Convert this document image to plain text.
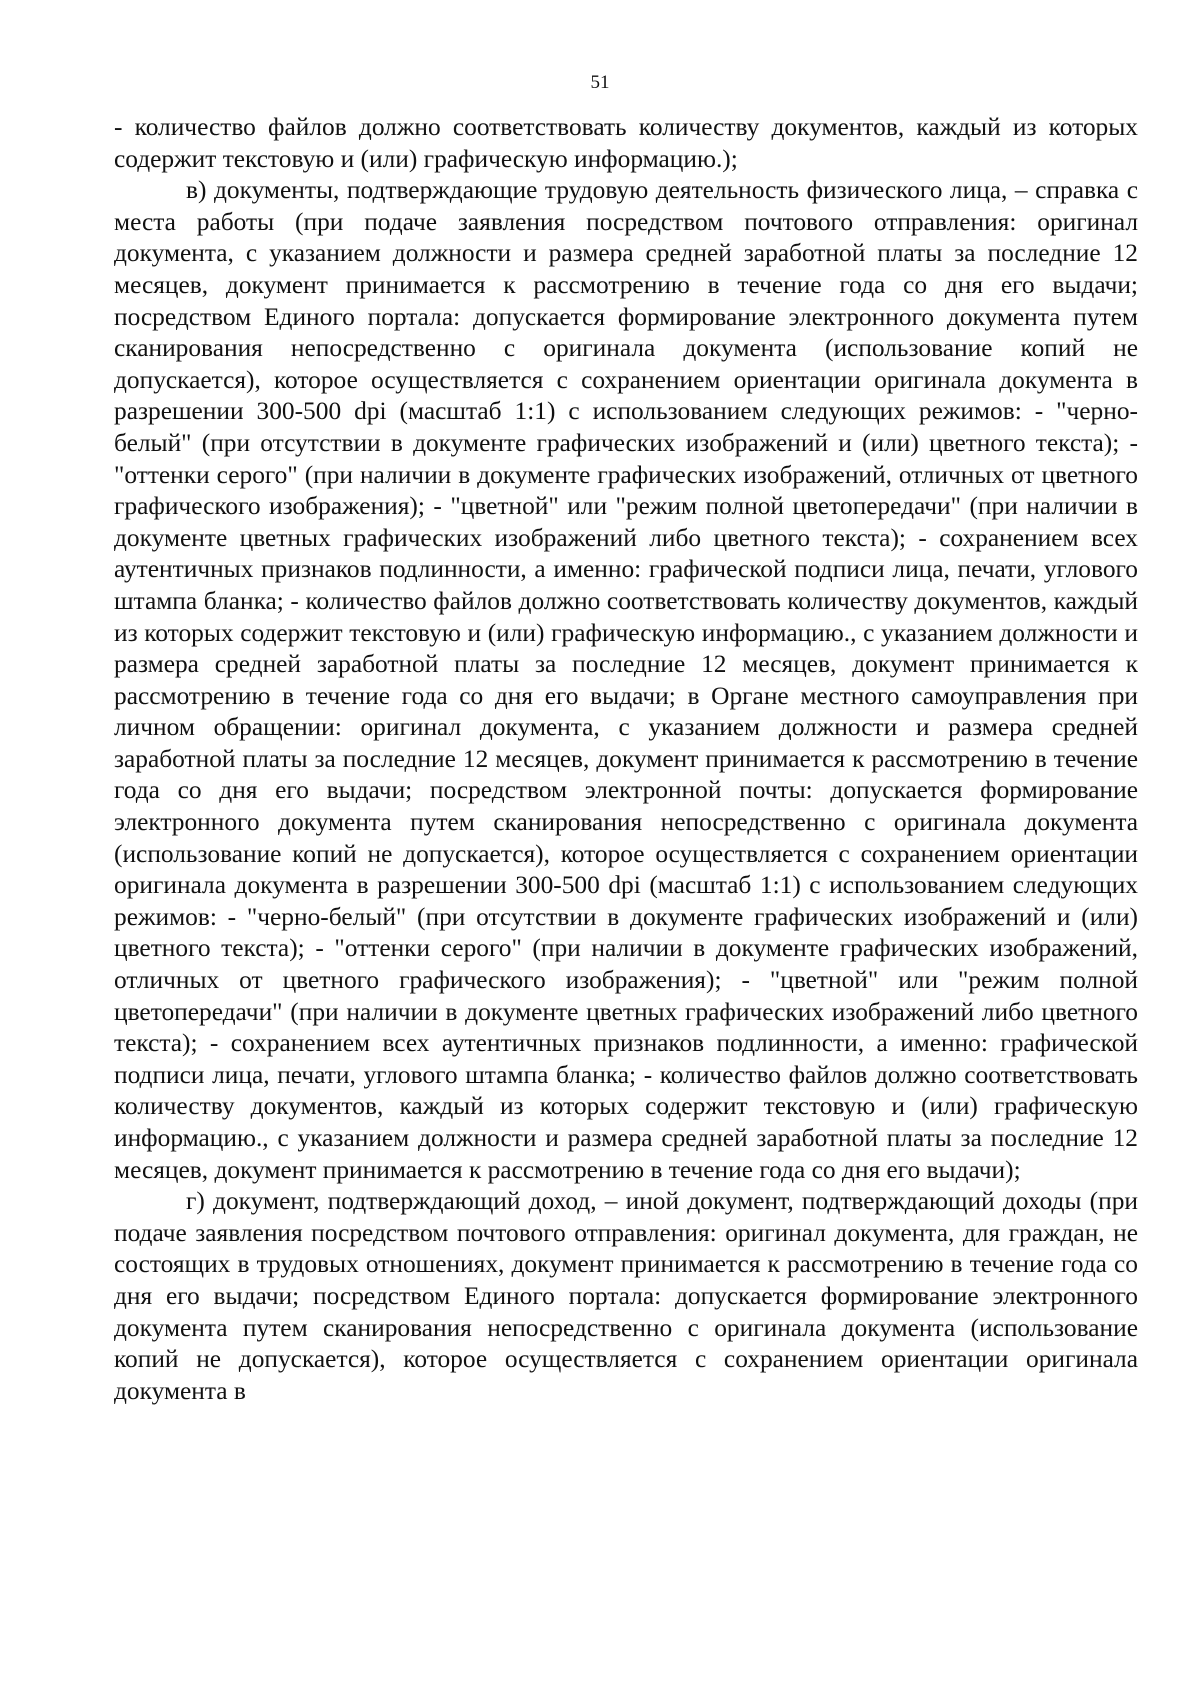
51

- количество файлов должно соответствовать количеству документов, каждый из которых содержит текстовую и (или) графическую информацию.);

в) документы, подтверждающие трудовую деятельность физического лица, – справка с места работы (при подаче заявления посредством почтового отправления: оригинал документа, с указанием должности и размера средней заработной платы за последние 12 месяцев, документ принимается к рассмотрению в течение года со дня его выдачи; посредством Единого портала: допускается формирование электронного документа путем сканирования непосредственно с оригинала документа (использование копий не допускается), которое осуществляется с сохранением ориентации оригинала документа в разрешении 300-500 dpi (масштаб 1:1) с использованием следующих режимов: - "черно-белый" (при отсутствии в документе графических изображений и (или) цветного текста); - "оттенки серого" (при наличии в документе графических изображений, отличных от цветного графического изображения); - "цветной" или "режим полной цветопередачи" (при наличии в документе цветных графических изображений либо цветного текста); - сохранением всех аутентичных признаков подлинности, а именно: графической подписи лица, печати, углового штампа бланка; - количество файлов должно соответствовать количеству документов, каждый из которых содержит текстовую и (или) графическую информацию., с указанием должности и размера средней заработной платы за последние 12 месяцев, документ принимается к рассмотрению в течение года со дня его выдачи; в Органе местного самоуправления при личном обращении: оригинал документа, с указанием должности и размера средней заработной платы за последние 12 месяцев, документ принимается к рассмотрению в течение года со дня его выдачи; посредством электронной почты: допускается формирование электронного документа путем сканирования непосредственно с оригинала документа (использование копий не допускается), которое осуществляется с сохранением ориентации оригинала документа в разрешении 300-500 dpi (масштаб 1:1) с использованием следующих режимов: - "черно-белый" (при отсутствии в документе графических изображений и (или) цветного текста); - "оттенки серого" (при наличии в документе графических изображений, отличных от цветного графического изображения); - "цветной" или "режим полной цветопередачи" (при наличии в документе цветных графических изображений либо цветного текста); - сохранением всех аутентичных признаков подлинности, а именно: графической подписи лица, печати, углового штампа бланка; - количество файлов должно соответствовать количеству документов, каждый из которых содержит текстовую и (или) графическую информацию., с указанием должности и размера средней заработной платы за последние 12 месяцев, документ принимается к рассмотрению в течение года со дня его выдачи);

г) документ, подтверждающий доход, – иной документ, подтверждающий доходы (при подаче заявления посредством почтового отправления: оригинал документа, для граждан, не состоящих в трудовых отношениях, документ принимается к рассмотрению в течение года со дня его выдачи; посредством Единого портала: допускается формирование электронного документа путем сканирования непосредственно с оригинала документа (использование копий не допускается), которое осуществляется с сохранением ориентации оригинала документа в
